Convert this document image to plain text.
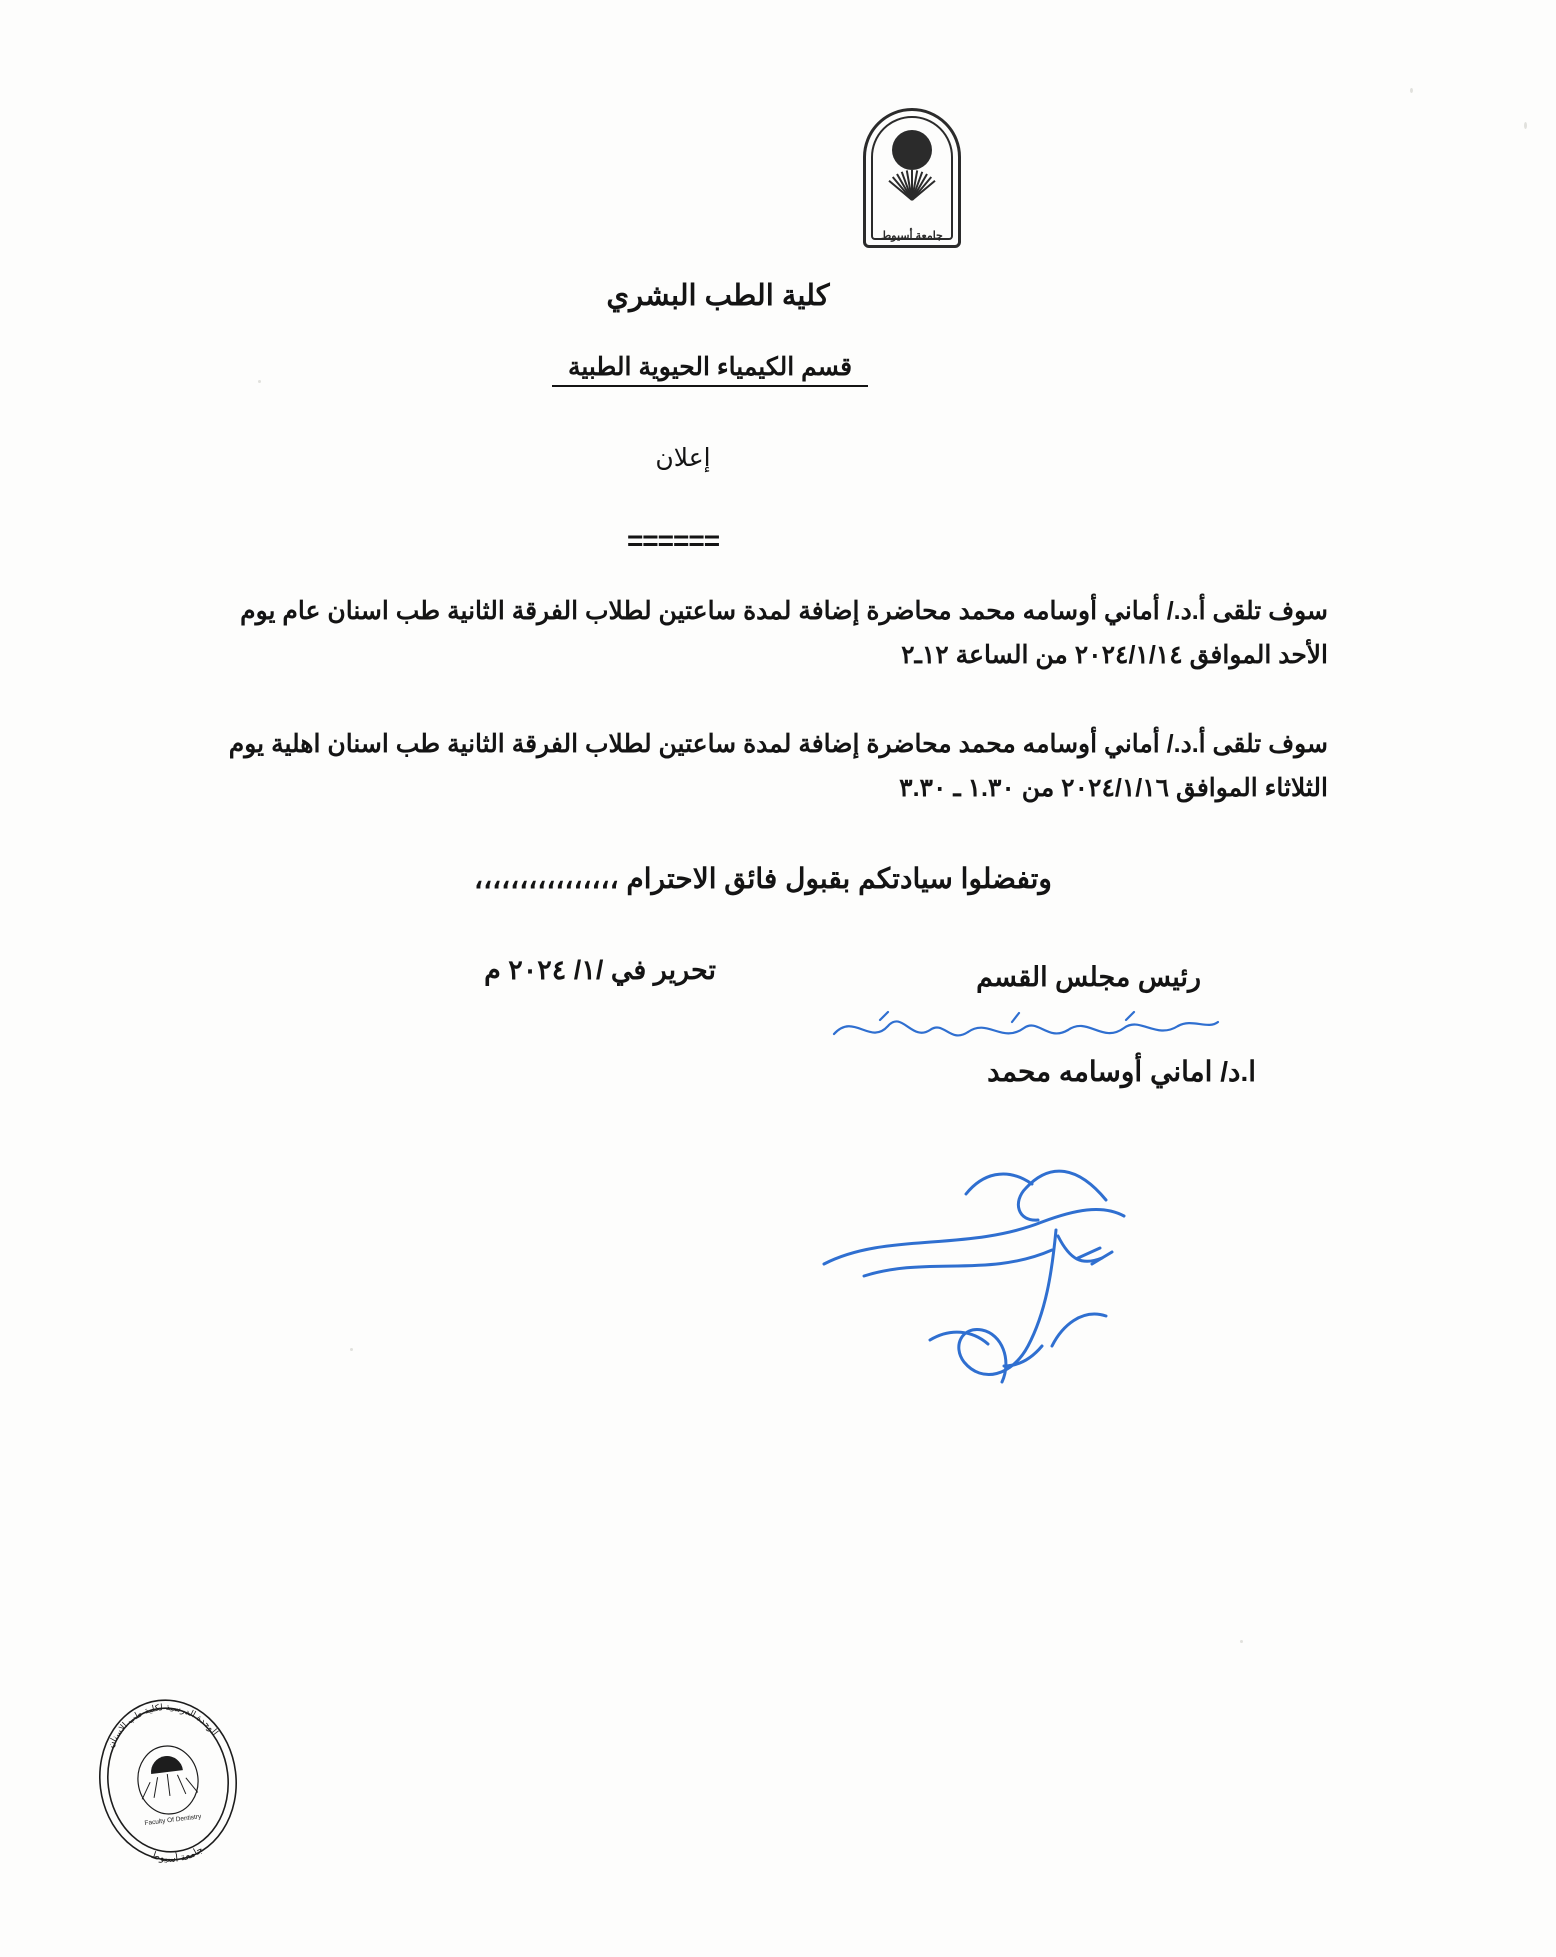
جامعة أسيوط
كلية الطب البشري
قسم الكيمياء الحيوية الطبية
إعلان
======
سوف تلقى أ.د./ أماني أوسامه محمد محاضرة إضافة لمدة ساعتين لطلاب الفرقة الثانية طب اسنان عام يوم الأحد الموافق ٢٠٢٤/١/١٤ من الساعة ١٢ـ٢
سوف تلقى أ.د./ أماني أوسامه محمد محاضرة إضافة لمدة ساعتين لطلاب الفرقة الثانية طب اسنان اهلية يوم الثلاثاء الموافق ٢٠٢٤/١/١٦ من ١.٣٠ ـ ٣.٣٠
وتفضلوا سيادتكم بقبول فائق الاحترام ،،،،،،،،،،،،،،،،
تحرير في /١/ ٢٠٢٤ م	رئيس مجلس القسم
ا.د/ اماني أوسامه محمد
الوحدة الدرسية لكلية طب الاسنان
جامعة أسيوط
Faculty Of Dentistry
